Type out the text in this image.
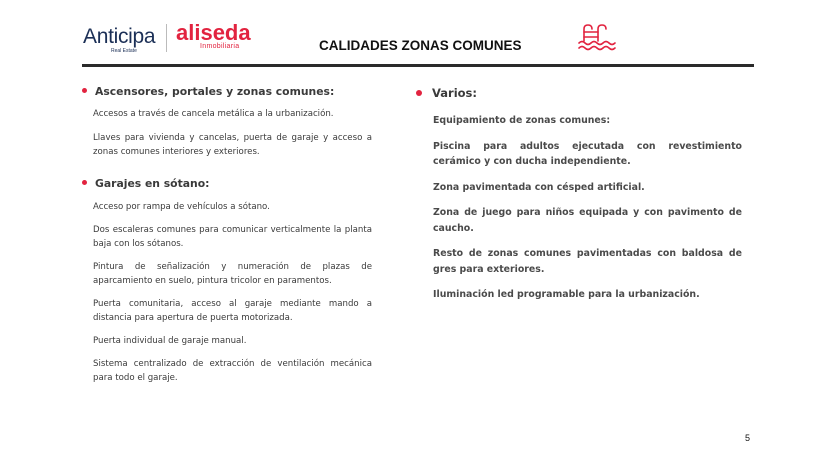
Anticipa
Real Estate
aliseda
Inmobiliaria	CALIDADES ZONAS COMUNES
Ascensores, portales y zonas comunes:

Accesos a través de cancela metálica a la urbanización.

Llaves para vivienda y cancelas, puerta de garaje y acceso a zonas comunes interiores y exteriores.

Garajes en sótano:

Acceso por rampa de vehículos a sótano.

Dos escaleras comunes para comunicar verticalmente la planta baja con los sótanos.

Pintura de señalización y numeración de plazas de aparcamiento en suelo, pintura tricolor en paramentos.

Puerta comunitaria, acceso al garaje mediante mando a distancia para apertura de puerta motorizada.

Puerta individual de garaje manual.

Sistema centralizado de extracción de ventilación mecánica para todo el garaje.

Varios:

Equipamiento de zonas comunes:

Piscina para adultos ejecutada con revestimiento cerámico y con ducha independiente.

Zona pavimentada con césped artificial.

Zona de juego para niños equipada y con pavimento de caucho.

Resto de zonas comunes pavimentadas con baldosa de gres para exteriores.

Iluminación led programable para la urbanización.

5
